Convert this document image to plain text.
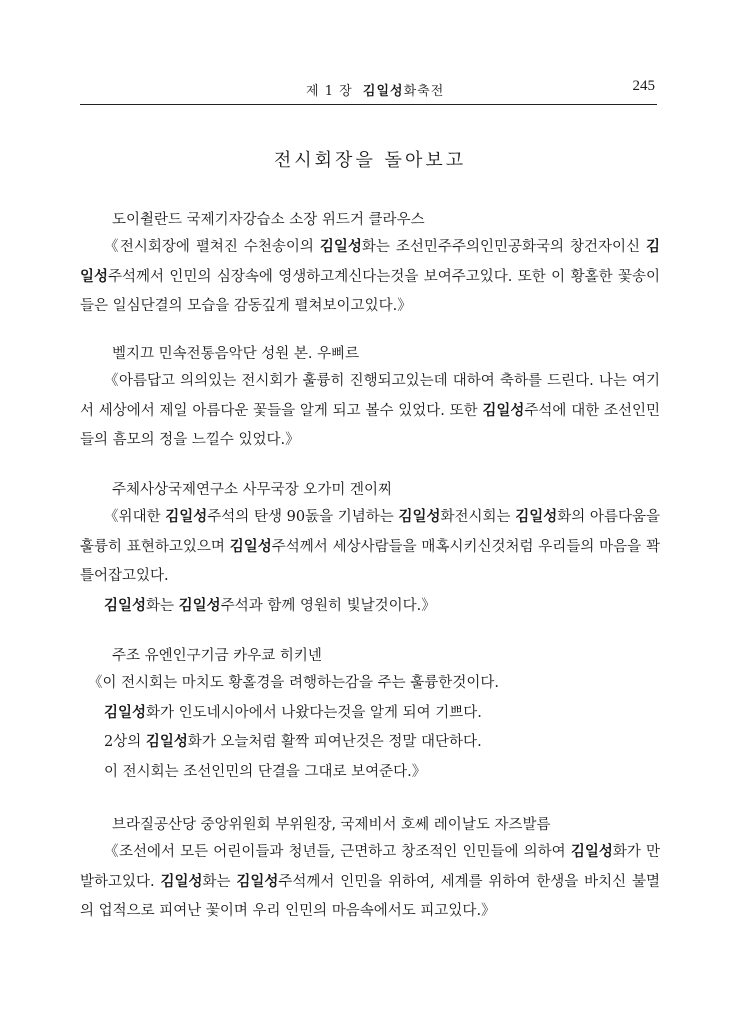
제 1 장 김일성화축전	245
전시회장을 돌아보고
도이췰란드 국제기자강습소 소장 위드거 클라우스

《전시회장에 펼쳐진 수천송이의 김일성화는 조선민주주의인민공화국의 창건자이신 김일성주석께서 인민의 심장속에 영생하고계신다는것을 보여주고있다. 또한 이 황홀한 꽃송이들은 일심단결의 모습을 감동깊게 펼쳐보이고있다.》

벨지끄 민속전통음악단 성원 본. 우삐르

《아름답고 의의있는 전시회가 훌륭히 진행되고있는데 대하여 축하를 드린다. 나는 여기서 세상에서 제일 아름다운 꽃들을 알게 되고 볼수 있었다. 또한 김일성주석에 대한 조선인민들의 흠모의 정을 느낄수 있었다.》

주체사상국제연구소 사무국장 오가미 겐이찌

《위대한 김일성주석의 탄생 90돐을 기념하는 김일성화전시회는 김일성화의 아름다움을 훌륭히 표현하고있으며 김일성주석께서 세상사람들을 매혹시키신것처럼 우리들의 마음을 꽉 틀어잡고있다.

김일성화는 김일성주석과 함께 영원히 빛날것이다.》
주조 유엔인구기금 카우쿄 히키넨
《이 전시회는 마치도 황홀경을 려행하는감을 주는 훌륭한것이다.
김일성화가 인도네시아에서 나왔다는것을 알게 되여 기쁘다.
2상의 김일성화가 오늘처럼 활짝 피여난것은 정말 대단하다.
이 전시회는 조선인민의 단결을 그대로 보여준다.》
브라질공산당 중앙위원회 부위원장, 국제비서 호쎄 레이날도 자즈발름

《조선에서 모든 어린이들과 청년들, 근면하고 창조적인 인민들에 의하여 김일성화가 만발하고있다. 김일성화는 김일성주석께서 인민을 위하여, 세계를 위하여 한생을 바치신 불멸의 업적으로 피여난 꽃이며 우리 인민의 마음속에서도 피고있다.》
